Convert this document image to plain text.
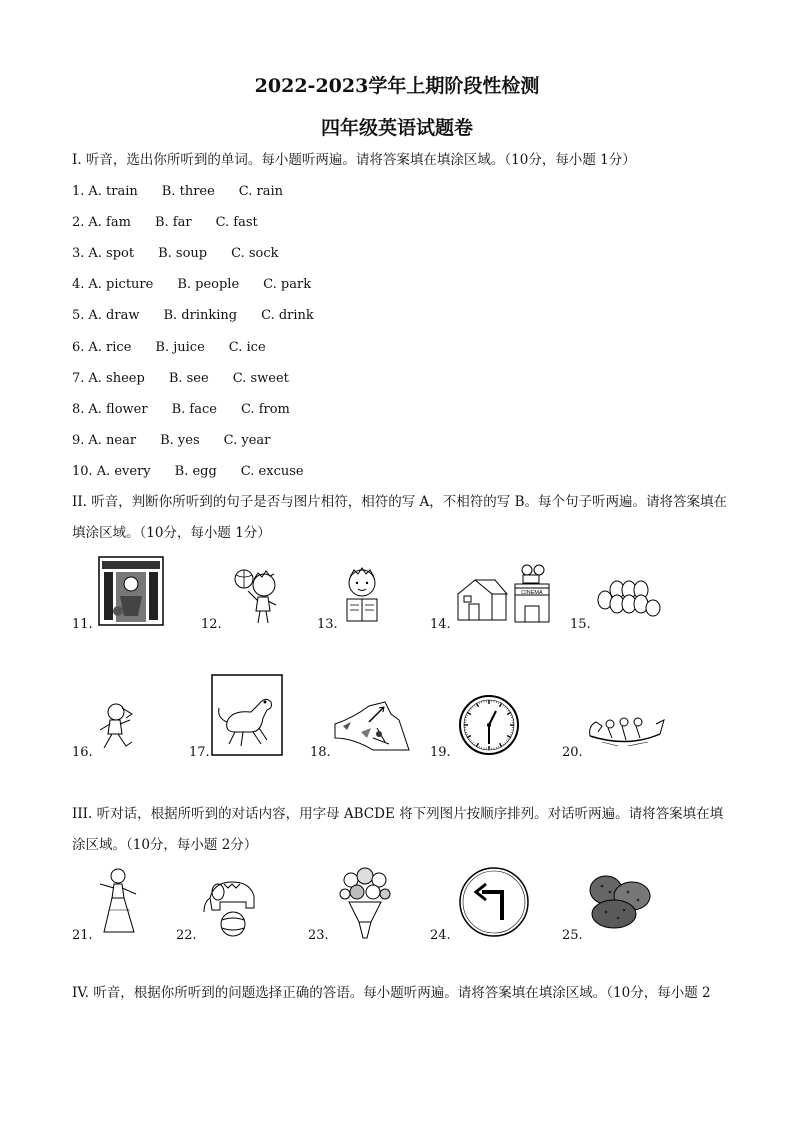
2022-2023学年上期阶段性检测
四年级英语试题卷
I. 听音，选出你所听到的单词。每小题听两遍。请将答案填在填涂区域。（10分，每小题 1分）
1. A. train B. three C. rain
2. A. fam B. far C. fast
3. A. spot B. soup C. sock
4. A. picture B. people C. park
5. A. draw B. drinking C. drink
6. A. rice B. juice C. ice
7. A. sheep B. see C. sweet
8. A. flower B. face C. from
9. A. near B. yes C. year
10. A. every B. egg C. excuse
II. 听音，判断你所听到的句子是否与图片相符，相符的写 A，不相符的写 B。每个句子听两遍。请将答案填在填涂区域。（10分，每小题 1分）
11.	12.	13.	14.
CINEMA
15.
16.	17.	18.	19.	20.
III. 听对话，根据所听到的对话内容，用字母 ABCDE 将下列图片按顺序排列。对话听两遍。请将答案填在填涂区域。（10分，每小题 2分）
21.	22.	23.	24.	25.
IV. 听音，根据你所听到的问题选择正确的答语。每小题听两遍。请将答案填在填涂区域。（10分，每小题 2
